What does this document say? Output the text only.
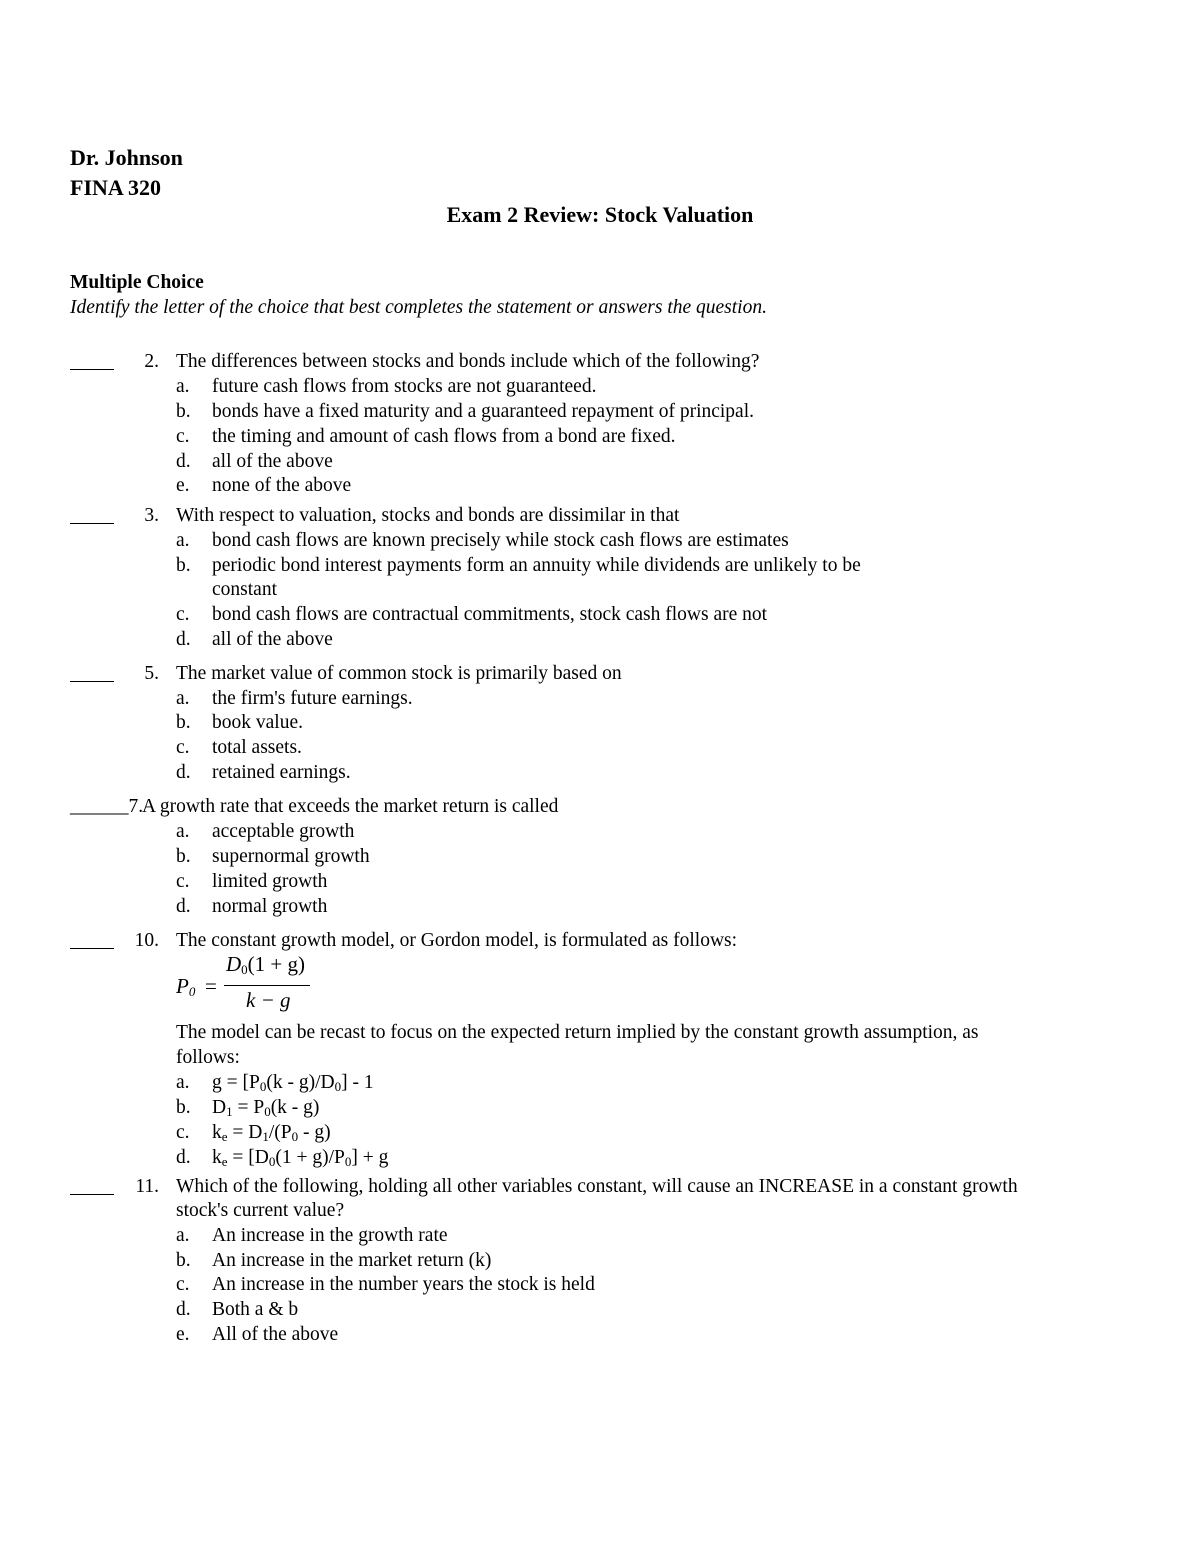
Dr. Johnson
FINA 320
Exam 2 Review: Stock Valuation
Multiple Choice
Identify the letter of the choice that best completes the statement or answers the question.
2. The differences between stocks and bonds include which of the following?
a. future cash flows from stocks are not guaranteed.
b. bonds have a fixed maturity and a guaranteed repayment of principal.
c. the timing and amount of cash flows from a bond are fixed.
d. all of the above
e. none of the above
3. With respect to valuation, stocks and bonds are dissimilar in that
a. bond cash flows are known precisely while stock cash flows are estimates
b. periodic bond interest payments form an annuity while dividends are unlikely to be
constant
c. bond cash flows are contractual commitments, stock cash flows are not
d. all of the above
5. The market value of common stock is primarily based on
a. the firm's future earnings.
b. book value.
c. total assets.
d. retained earnings.
______7.
A growth rate that exceeds the market return is called
a. acceptable growth
b. supernormal growth
c. limited growth
d. normal growth
10. The constant growth model, or Gordon model, is formulated as follows:
$P_0$ =
$D_0(1 + g)$
k − g
The model can be recast to focus on the expected return implied by the constant growth assumption, as
follows:
a. $g = [P_0(k - g)/D_0] - 1$
b. $D_1 = P_0(k - g)$
c. $k_e = D_1/(P_0 - g)$
d. $k_e = [D_0(1 + g)/P_0] + g$
11. Which of the following, holding all other variables constant, will cause an INCREASE in a constant growth
stock's current value?
a. An increase in the growth rate
b. An increase in the market return (k)
c. An increase in the number years the stock is held
d. Both a & b
e. All of the above
